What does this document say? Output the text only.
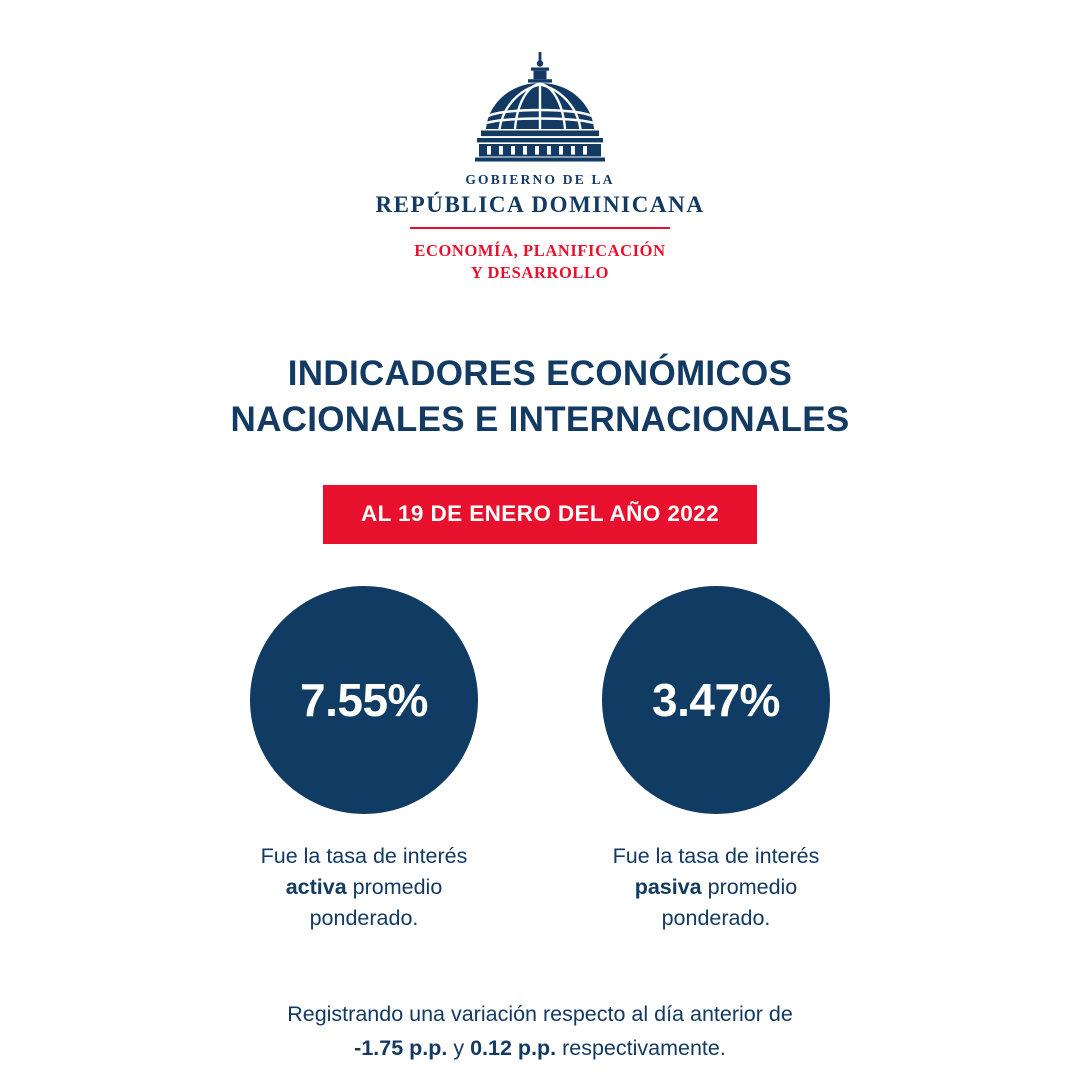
GOBIERNO DE LA
REPÚBLICA DOMINICANA
ECONOMÍA, PLANIFICACIÓN
Y DESARROLLO
INDICADORES ECONÓMICOS
NACIONALES E INTERNACIONALES
AL 19 DE ENERO DEL AÑO 2022
7.55%
Fue la tasa de interés
activa promedio
ponderado.
3.47%
Fue la tasa de interés
pasiva promedio
ponderado.
Registrando una variación respecto al día anterior de
-1.75 p.p. y 0.12 p.p. respectivamente.
